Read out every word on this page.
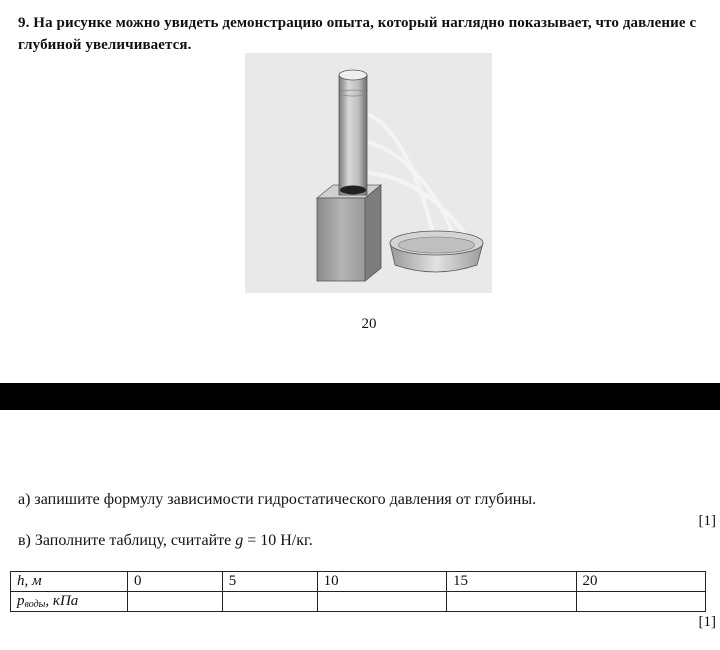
9. На рисунке можно увидеть демонстрацию опыта, который наглядно показывает, что давление с глубиной увеличивается.
20
а) запишите формулу зависимости гидростатического давления от глубины.
[1]
в) Заполните таблицу, считайте g = 10 Н/кг.
h, м	0	5	10	15	20
$p_{воды}$, кПа					
[1]
